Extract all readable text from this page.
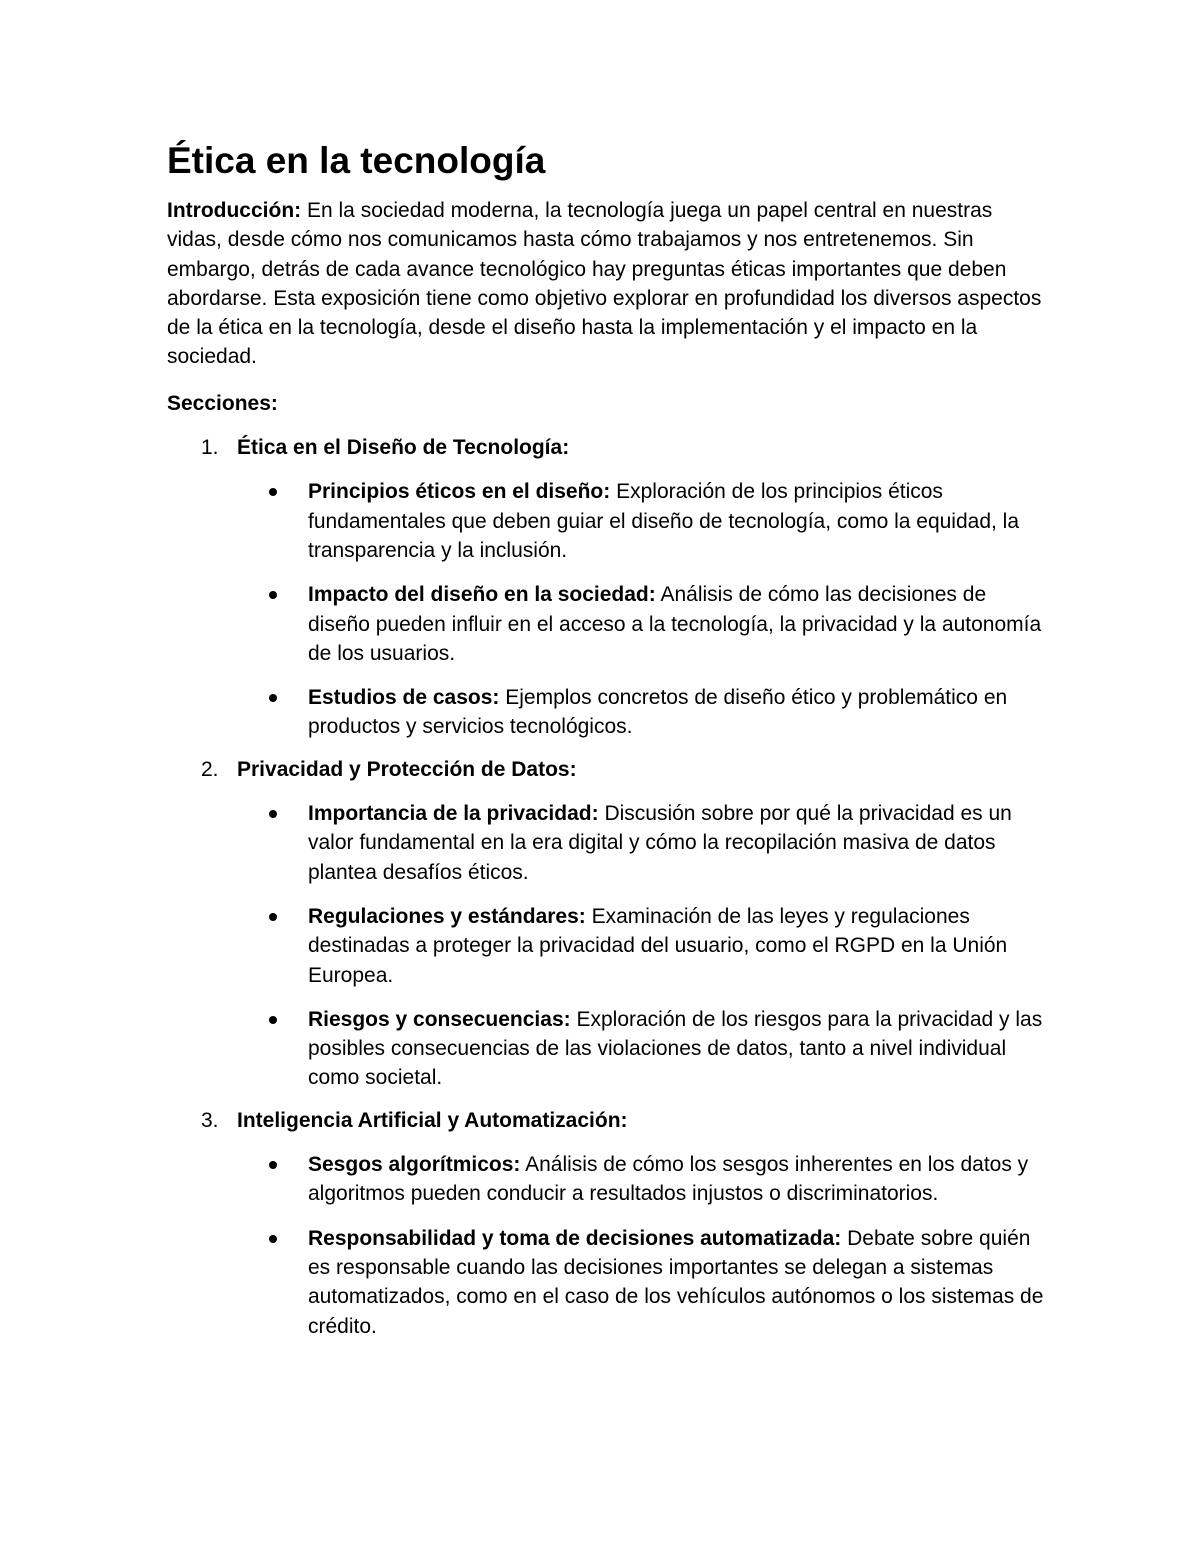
Ética en la tecnología

Introducción: En la sociedad moderna, la tecnología juega un papel central en nuestras vidas, desde cómo nos comunicamos hasta cómo trabajamos y nos entretenemos. Sin embargo, detrás de cada avance tecnológico hay preguntas éticas importantes que deben abordarse. Esta exposición tiene como objetivo explorar en profundidad los diversos aspectos de la ética en la tecnología, desde el diseño hasta la implementación y el impacto en la sociedad.

Secciones:

1. Ética en el Diseño de Tecnología:
Principios éticos en el diseño: Exploración de los principios éticos fundamentales que deben guiar el diseño de tecnología, como la equidad, la transparencia y la inclusión.
Impacto del diseño en la sociedad: Análisis de cómo las decisiones de diseño pueden influir en el acceso a la tecnología, la privacidad y la autonomía de los usuarios.
Estudios de casos: Ejemplos concretos de diseño ético y problemático en productos y servicios tecnológicos.
2. Privacidad y Protección de Datos:
Importancia de la privacidad: Discusión sobre por qué la privacidad es un valor fundamental en la era digital y cómo la recopilación masiva de datos plantea desafíos éticos.
Regulaciones y estándares: Examinación de las leyes y regulaciones destinadas a proteger la privacidad del usuario, como el RGPD en la Unión Europea.
Riesgos y consecuencias: Exploración de los riesgos para la privacidad y las posibles consecuencias de las violaciones de datos, tanto a nivel individual como societal.
3. Inteligencia Artificial y Automatización:
Sesgos algorítmicos: Análisis de cómo los sesgos inherentes en los datos y algoritmos pueden conducir a resultados injustos o discriminatorios.
Responsabilidad y toma de decisiones automatizada: Debate sobre quién es responsable cuando las decisiones importantes se delegan a sistemas automatizados, como en el caso de los vehículos autónomos o los sistemas de crédito.
